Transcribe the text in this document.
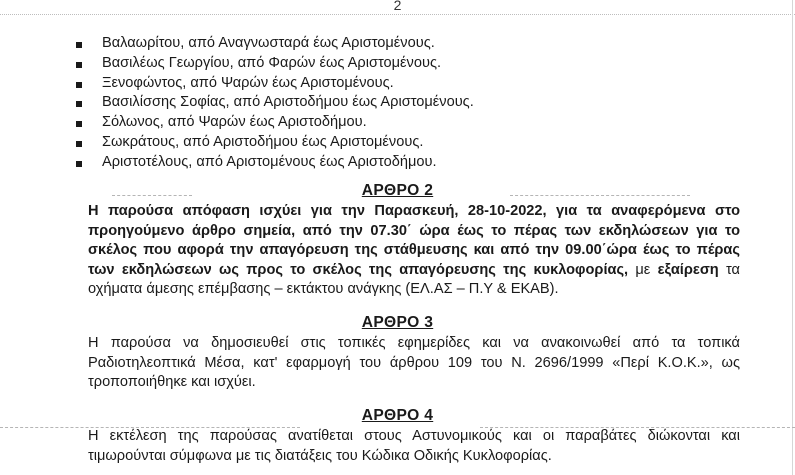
2
Βαλαωρίτου, από Αναγνωσταρά έως Αριστομένους.
Βασιλέως Γεωργίου, από Φαρών έως Αριστομένους.
Ξενοφώντος, από Ψαρών έως Αριστομένους.
Βασιλίσσης Σοφίας, από Αριστοδήμου έως Αριστομένους.
Σόλωνος, από Ψαρών έως Αριστοδήμου.
Σωκράτους, από Αριστοδήμου έως Αριστομένους.
Αριστοτέλους, από Αριστομένους έως Αριστοδήμου.
ΑΡΘΡΟ 2
Η παρούσα απόφαση ισχύει για την Παρασκευή, 28-10-2022, για τα αναφερόμενα στο προηγούμενο άρθρο σημεία, από την 07.30΄ ώρα έως το πέρας των εκδηλώσεων για το σκέλος που αφορά την απαγόρευση της στάθμευσης και από την 09.00΄ώρα έως το πέρας των εκδηλώσεων ως προς το σκέλος της απαγόρευσης της κυκλοφορίας, με εξαίρεση τα οχήματα άμεσης επέμβασης – εκτάκτου ανάγκης (ΕΛ.ΑΣ – Π.Υ & ΕΚΑΒ).
ΑΡΘΡΟ 3
Η παρούσα να δημοσιευθεί στις τοπικές εφημερίδες και να ανακοινωθεί από τα τοπικά Ραδιοτηλεοπτικά Μέσα, κατ' εφαρμογή του άρθρου 109 του Ν. 2696/1999 «Περί Κ.Ο.Κ.», ως τροποποιήθηκε και ισχύει.
ΑΡΘΡΟ 4
Η εκτέλεση της παρούσας ανατίθεται στους Αστυνομικούς και οι παραβάτες διώκονται και τιμωρούνται σύμφωνα με τις διατάξεις του Κώδικα Οδικής Κυκλοφορίας.
